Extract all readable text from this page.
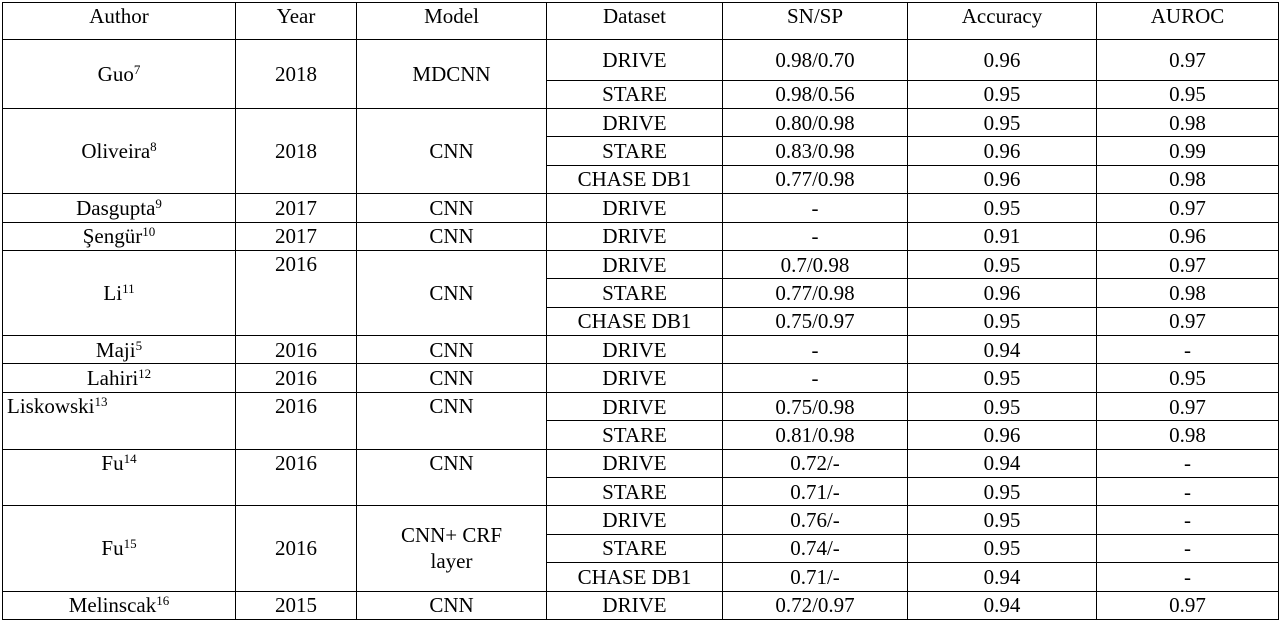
Author	Year	Model	Dataset	SN/SP	Accuracy	AUROC
Guo$^7$	2018	MDCNN	DRIVE	0.98/0.70	0.96	0.97
			STARE	0.98/0.56	0.95	0.95
Oliveira$^8$	2018	CNN	DRIVE	0.80/0.98	0.95	0.98
			STARE	0.83/0.98	0.96	0.99
			CHASE DB1	0.77/0.98	0.96	0.98
Dasgupta$^9$	2017	CNN	DRIVE	-	0.95	0.97
Şengür$^{10}$	2017	CNN	DRIVE	-	0.91	0.96
Li$^{11}$	2016	CNN	DRIVE	0.7/0.98	0.95	0.97
			STARE	0.77/0.98	0.96	0.98
			CHASE DB1	0.75/0.97	0.95	0.97
Maji$^5$	2016	CNN	DRIVE	-	0.94	-
Lahiri$^{12}$	2016	CNN	DRIVE	-	0.95	0.95
Liskowski$^{13}$	2016	CNN	DRIVE	0.75/0.98	0.95	0.97
			STARE	0.81/0.98	0.96	0.98
Fu$^{14}$	2016	CNN	DRIVE	0.72/-	0.94	-
			STARE	0.71/-	0.95	-
Fu$^{15}$	2016	CNN+ CRF layer	DRIVE	0.76/-	0.95	-
			STARE	0.74/-	0.95	-
			CHASE DB1	0.71/-	0.94	-
Melinscak$^{16}$	2015	CNN	DRIVE	0.72/0.97	0.94	0.97
